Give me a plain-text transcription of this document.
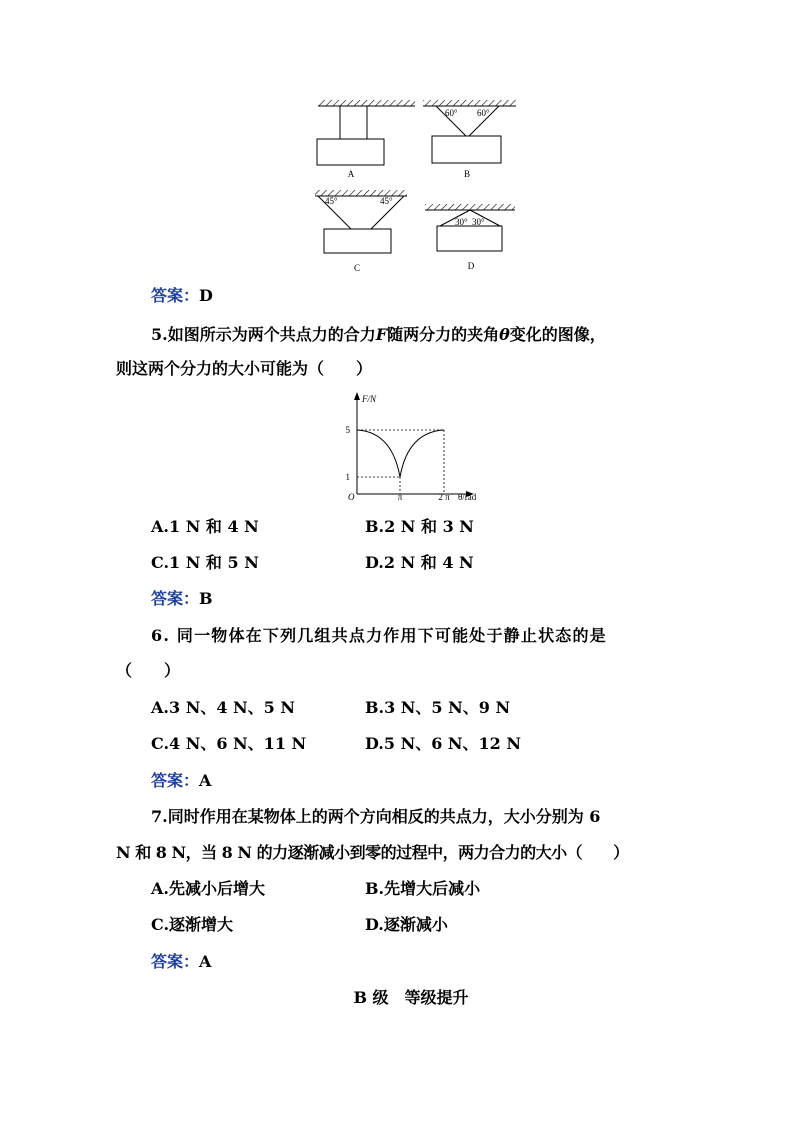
A
60° 60°
B
45°	45°
C
30° 30°
D
答案：D
5.如图所示为两个共点力的合力F随两分力的夹角θ变化的图像，
则这两个分力的大小可能为（　　）
F/N
5
1
O	π	2 π θ/rad
A.1 N 和 4 N	B.2 N 和 3 N
C.1 N 和 5 N	D.2 N 和 4 N
答案：B
6. 同一物体在下列几组共点力作用下可能处于静止状态的是
（　　）
A.3 N、4 N、5 N	B.3 N、5 N、9 N
C.4 N、6 N、11 N	D.5 N、6 N、12 N
答案：A
7.同时作用在某物体上的两个方向相反的共点力，大小分别为 6
N 和 8 N，当 8 N 的力逐渐减小到零的过程中，两力合力的大小（　　）
A.先减小后增大	B.先增大后减小
C.逐渐增大	D.逐渐减小
答案：A
B 级　等级提升
